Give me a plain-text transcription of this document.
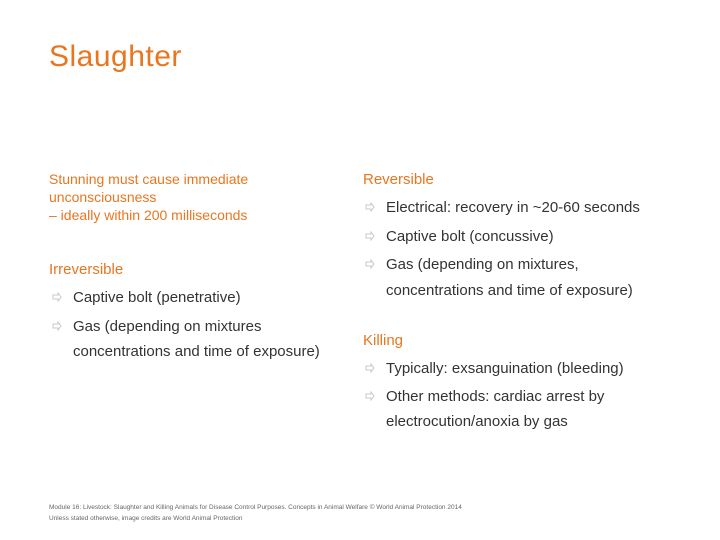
Slaughter
Stunning must cause immediate
unconsciousness
– ideally within 200 milliseconds
Irreversible
Captive bolt (penetrative)
Gas (depending on mixtures
concentrations and time of exposure)
Reversible
Electrical: recovery in ~20-60 seconds
Captive bolt (concussive)
Gas (depending on mixtures,
concentrations and time of exposure)
Killing
Typically: exsanguination (bleeding)
Other methods: cardiac arrest by
electrocution/anoxia by gas
Module 16: Livestock: Slaughter and Killing Animals for Disease Control Purposes. Concepts in Animal Welfare © World Animal Protection 2014
Unless stated otherwise, image credits are World Animal Protection
